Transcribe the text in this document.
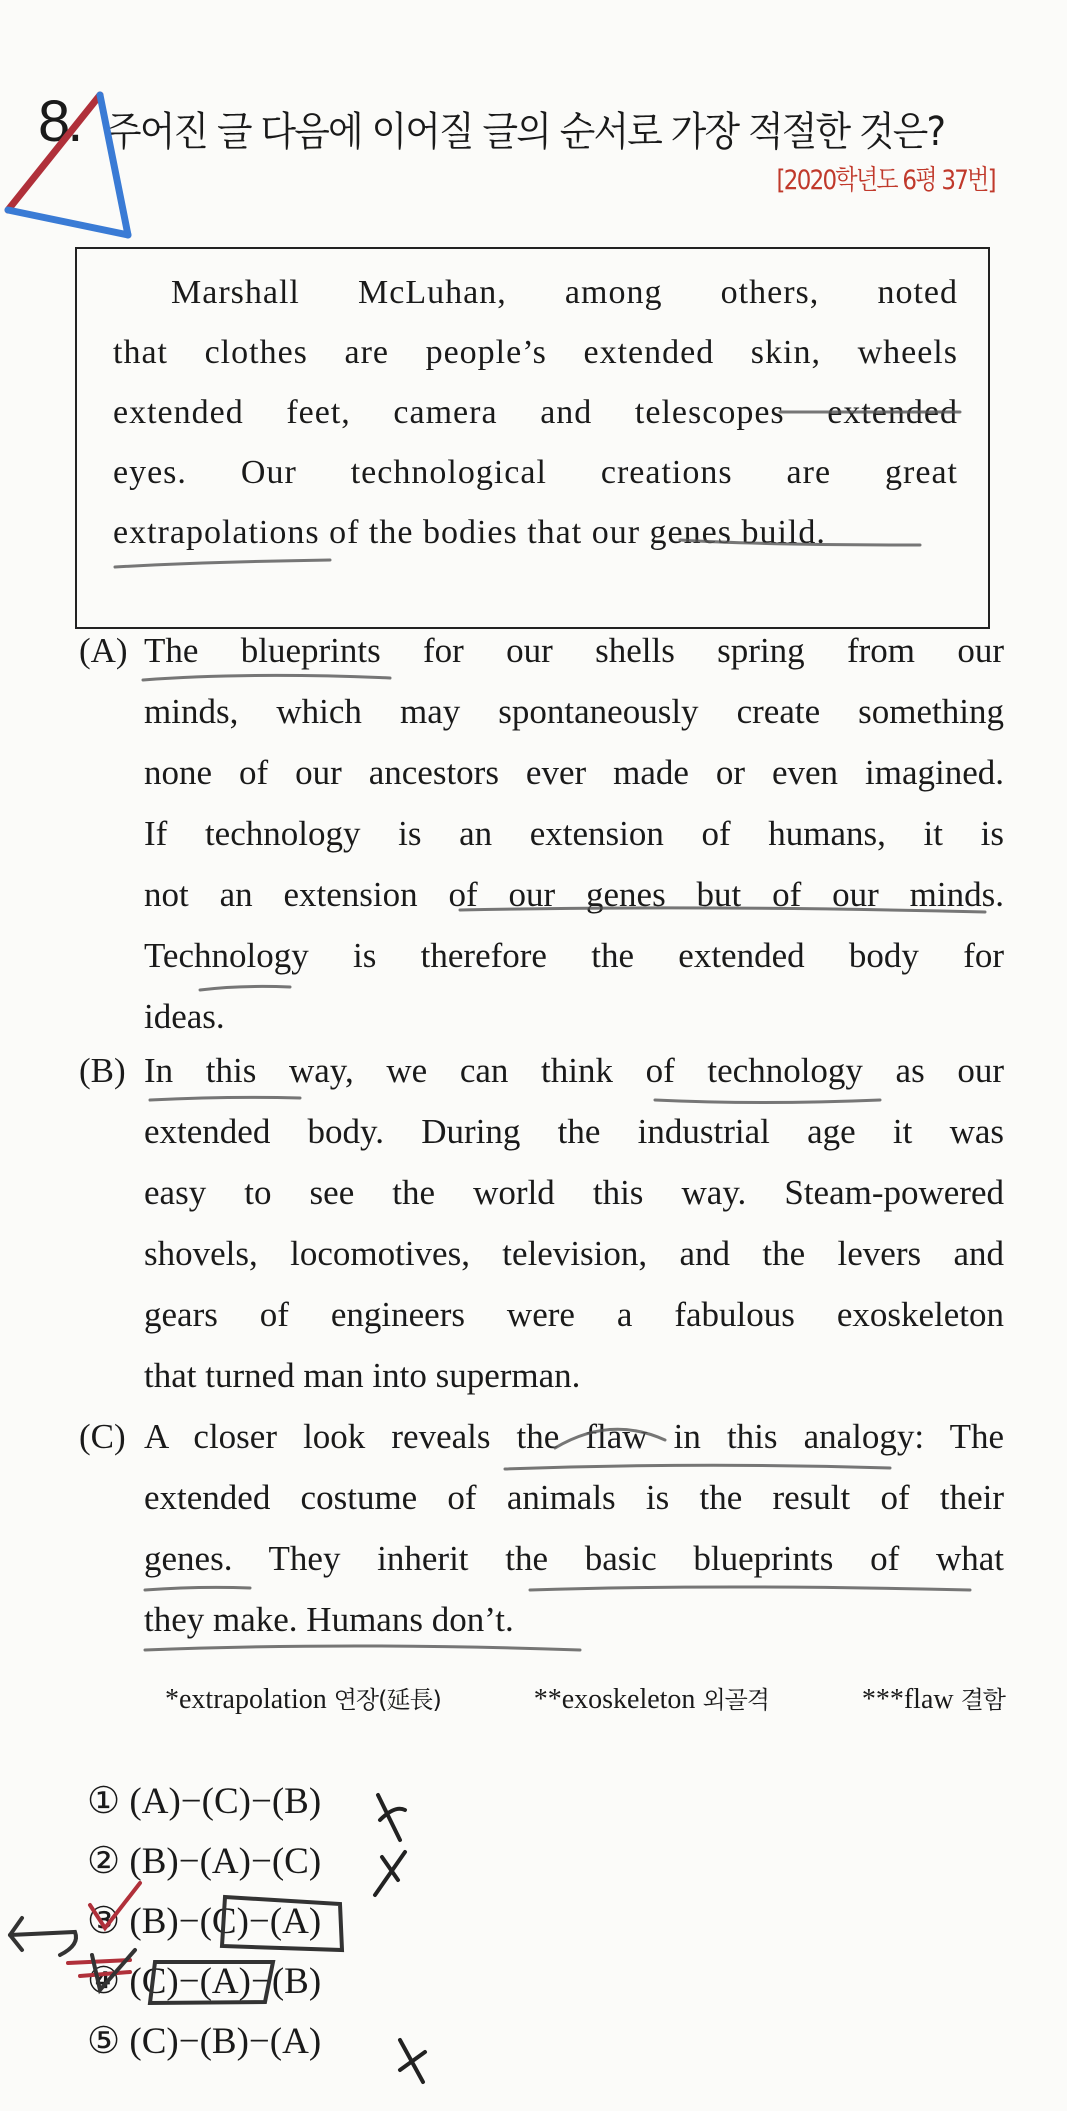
8. 주어진 글 다음에 이어질 글의 순서로 가장 적절한 것은?
[2020학년도 6평 37번]
Marshall McLuhan, among others, noted
that clothes are people’s extended skin, wheels
extended feet, camera and telescopes extended
eyes. Our technological creations are great
extrapolations of the bodies that our genes build.
(A) The blueprints for our shells spring from our
minds, which may spontaneously create something
none of our ancestors ever made or even imagined.
If technology is an extension of humans, it is
not an extension of our genes but of our minds.
Technology is therefore the extended body for
ideas.
(B) In this way, we can think of technology as our
extended body. During the industrial age it was
easy to see the world this way. Steam-powered
shovels, locomotives, television, and the levers and
gears of engineers were a fabulous exoskeleton
that turned man into superman.
(C) A closer look reveals the flaw in this analogy: The
extended costume of animals is the result of their
genes. They inherit the basic blueprints of what
they make. Humans don’t.
*extrapolation 연장(延長)	**exoskeleton 외골격	***flaw 결함
① (A)−(C)−(B)
② (B)−(A)−(C)
③ (B)−(C)−(A)
④ (C)−(A)−(B)
⑤ (C)−(B)−(A)
